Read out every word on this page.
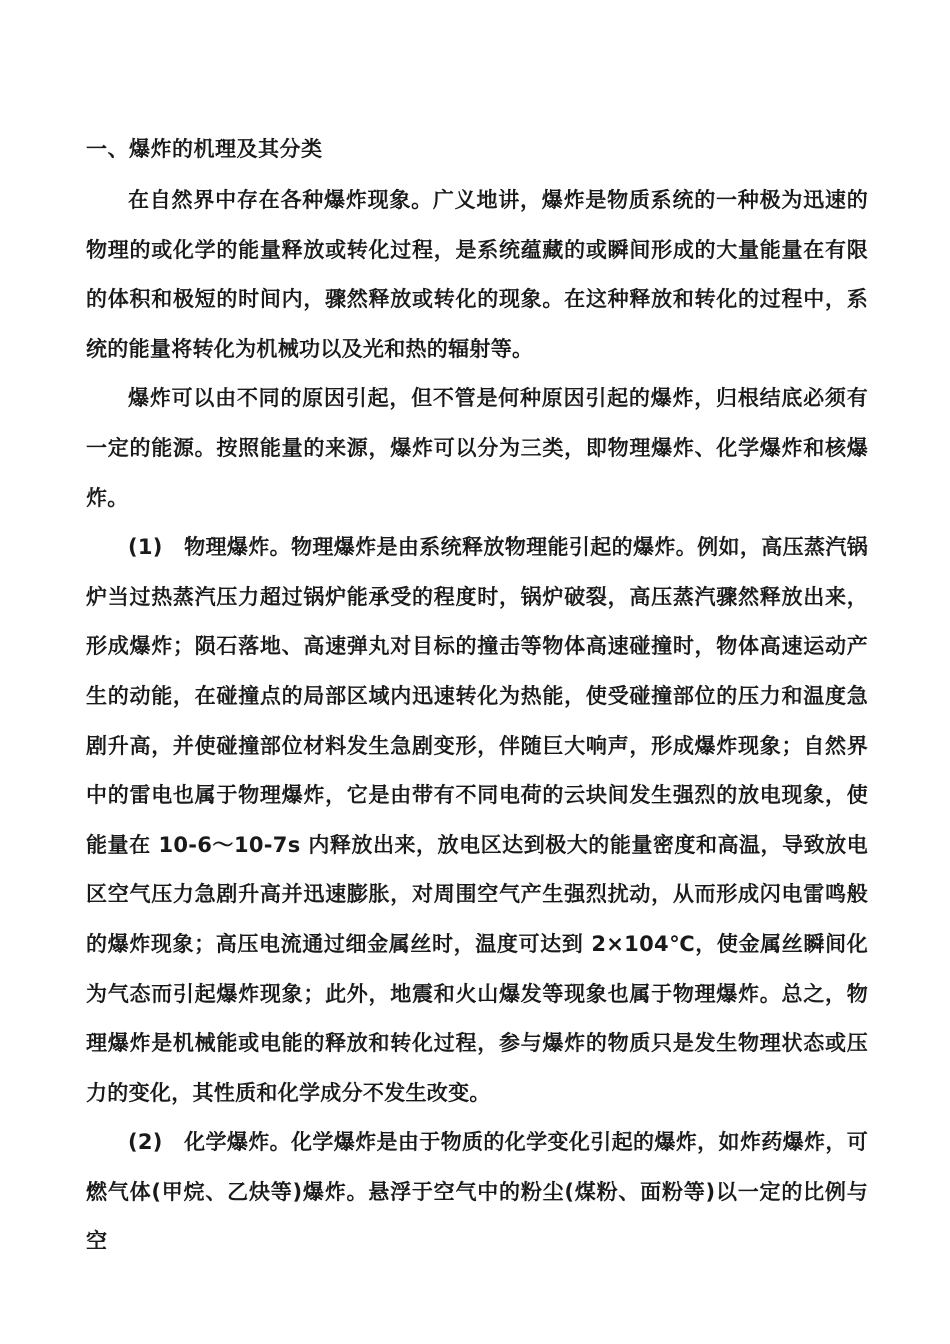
一、爆炸的机理及其分类

在自然界中存在各种爆炸现象。广义地讲，爆炸是物质系统的一种极为迅速的物理的或化学的能量释放或转化过程，是系统蕴藏的或瞬间形成的大量能量在有限的体积和极短的时间内，骤然释放或转化的现象。在这种释放和转化的过程中，系统的能量将转化为机械功以及光和热的辐射等。

爆炸可以由不同的原因引起，但不管是何种原因引起的爆炸，归根结底必须有一定的能源。按照能量的来源，爆炸可以分为三类，即物理爆炸、化学爆炸和核爆炸。

(1)　物理爆炸。物理爆炸是由系统释放物理能引起的爆炸。例如，高压蒸汽锅炉当过热蒸汽压力超过锅炉能承受的程度时，锅炉破裂，高压蒸汽骤然释放出来，形成爆炸；陨石落地、高速弹丸对目标的撞击等物体高速碰撞时，物体高速运动产生的动能，在碰撞点的局部区域内迅速转化为热能，使受碰撞部位的压力和温度急剧升高，并使碰撞部位材料发生急剧变形，伴随巨大响声，形成爆炸现象；自然界中的雷电也属于物理爆炸，它是由带有不同电荷的云块间发生强烈的放电现象，使能量在 10-6～10-7s 内释放出来，放电区达到极大的能量密度和高温，导致放电区空气压力急剧升高并迅速膨胀，对周围空气产生强烈扰动，从而形成闪电雷鸣般的爆炸现象；高压电流通过细金属丝时，温度可达到 2×104℃，使金属丝瞬间化为气态而引起爆炸现象；此外，地震和火山爆发等现象也属于物理爆炸。总之，物理爆炸是机械能或电能的释放和转化过程，参与爆炸的物质只是发生物理状态或压力的变化，其性质和化学成分不发生改变。

(2)　化学爆炸。化学爆炸是由于物质的化学变化引起的爆炸，如炸药爆炸，可燃气体(甲烷、乙炔等)爆炸。悬浮于空气中的粉尘(煤粉、面粉等)以一定的比例与空
